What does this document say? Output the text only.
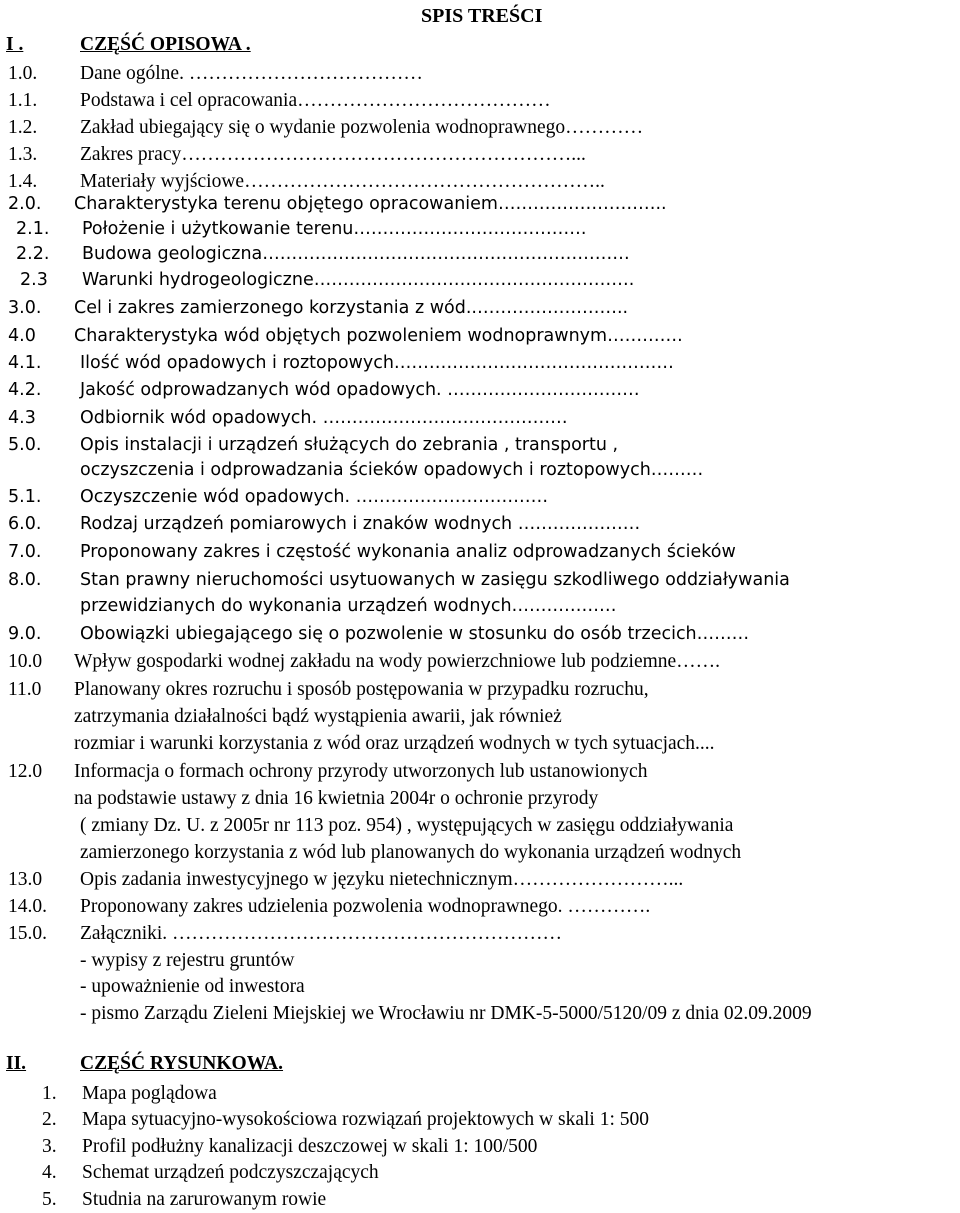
SPIS TREŚCI
I .	CZĘŚĆ OPISOWA .
1.0. Dane ogólne. ………………………………
1.1. Podstawa i cel opracowania…………………………………
1.2. Zakład ubiegający się o wydanie pozwolenia wodnoprawnego…………
1.3. Zakres pracy……………………………………………………...
1.4. Materiały wyjściowe………………………………………………..
2.0. Charakterystyka terenu objętego opracowaniem………………………..
2.1. Położenie i użytkowanie terenu………………………………….
2.2. Budowa geologiczna………………………………………………………
2.3 Warunki hydrogeologiczne……………………………………………….
3.0. Cel i zakres zamierzonego korzystania z wód..……………………..
4.0 Charakterystyka wód objętych pozwoleniem wodnoprawnym………….
4.1. Ilość wód opadowych i roztopowych…………………………………………
4.2. Jakość odprowadzanych wód opadowych. ……………………………
4.3	Odbiornik wód opadowych. ……………………………………
5.0. Opis instalacji i urządzeń służących do zebrania , transportu ,
oczyszczenia i odprowadzania ścieków opadowych i roztopowych………
5.1. Oczyszczenie wód opadowych. ……………………………
6.0. Rodzaj urządzeń pomiarowych i znaków wodnych …………………
7.0. Proponowany zakres i częstość wykonania analiz odprowadzanych ścieków
8.0. Stan prawny nieruchomości usytuowanych w zasięgu szkodliwego oddziaływania
przewidzianych do wykonania urządzeń wodnych………………
9.0. Obowiązki ubiegającego się o pozwolenie w stosunku do osób trzecich………
10.0 Wpływ gospodarki wodnej zakładu na wody powierzchniowe lub podziemne…….
11.0 Planowany okres rozruchu i sposób postępowania w przypadku rozruchu,
zatrzymania działalności bądź wystąpienia awarii, jak również
rozmiar i warunki korzystania z wód oraz urządzeń wodnych w tych sytuacjach....
12.0 Informacja o formach ochrony przyrody utworzonych lub ustanowionych
na podstawie ustawy z dnia 16 kwietnia 2004r o ochronie przyrody
( zmiany Dz. U. z 2005r nr 113 poz. 954) , występujących w zasięgu oddziaływania
zamierzonego korzystania z wód lub planowanych do wykonania urządzeń wodnych
13.0 Opis zadania inwestycyjnego w języku nietechnicznym……………………...
14.0. Proponowany zakres udzielenia pozwolenia wodnoprawnego. ………….
15.0. Załączniki. ……………………………………………………
- wypisy z rejestru gruntów
- upoważnienie od inwestora
- pismo Zarządu Zieleni Miejskiej we Wrocławiu nr DMK-5-5000/5120/09 z dnia 02.09.2009
II.	CZĘŚĆ RYSUNKOWA.
1. Mapa poglądowa
2. Mapa sytuacyjno-wysokościowa rozwiązań projektowych w skali 1: 500
3. Profil podłużny kanalizacji deszczowej w skali 1: 100/500
4. Schemat urządzeń podczyszczających
5. Studnia na zarurowanym rowie
